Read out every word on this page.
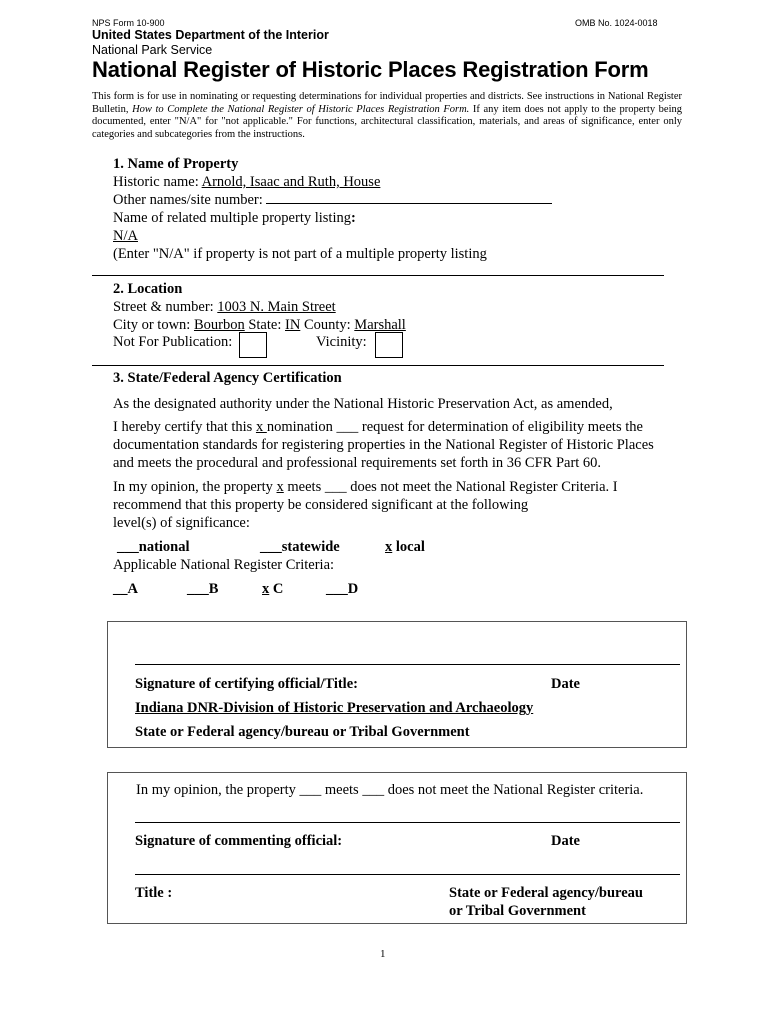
NPS Form 10-900	OMB No. 1024-0018
United States Department of the Interior
National Park Service
National Register of Historic Places Registration Form
This form is for use in nominating or requesting determinations for individual properties and districts. See instructions in National Register Bulletin, How to Complete the National Register of Historic Places Registration Form. If any item does not apply to the property being documented, enter "N/A" for "not applicable." For functions, architectural classification, materials, and areas of significance, enter only categories and subcategories from the instructions.
1. Name of Property
Historic name: Arnold, Isaac and Ruth, House
Other names/site number:
Name of related multiple property listing:
N/A
(Enter "N/A" if property is not part of a multiple property listing
2. Location
Street & number: 1003 N. Main Street
City or town: Bourbon State: IN County: Marshall
Not For Publication:	Vicinity:
3. State/Federal Agency Certification
As the designated authority under the National Historic Preservation Act, as amended,
I hereby certify that this x nomination ___ request for determination of eligibility meets the
documentation standards for registering properties in the National Register of Historic Places
and meets the procedural and professional requirements set forth in 36 CFR Part 60.
In my opinion, the property x meets ___ does not meet the National Register Criteria. I
recommend that this property be considered significant at the following
level(s) of significance:
___national	___statewide	x local
Applicable National Register Criteria:
__A	___B	x C	___D
Signature of certifying official/Title:	Date
Indiana DNR-Division of Historic Preservation and Archaeology
State or Federal agency/bureau or Tribal Government
In my opinion, the property ___ meets ___ does not meet the National Register criteria.
Signature of commenting official:	Date
Title :	State or Federal agency/bureau
or Tribal Government
1
